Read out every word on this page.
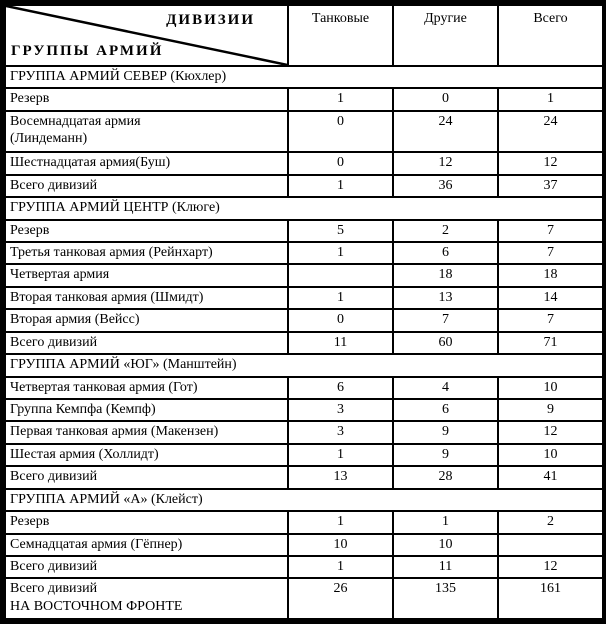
ДИВИЗИИ
ГРУППЫ АРМИЙ	Танковые	Другие	Всего
ГРУППА АРМИЙ СЕВЕР (Кюхлер)			
Резерв	1	0	1

Восемнадцатая армия
(Линдеманн)	0	24	24
Шестнадцатая армия(Буш)	0	12	12
Всего дивизий	1	36	37
ГРУППА АРМИЙ ЦЕНТР (Клюге)			
Резерв	5	2	7
Третья танковая армия (Рейнхарт)	1	6	7
Четвертая армия		18	18
Вторая танковая армия (Шмидт)	1	13	14
Вторая армия (Вейсс)	0	7	7
Всего дивизий	11	60	71
ГРУППА АРМИЙ «ЮГ» (Манштейн)			
Четвертая танковая армия (Гот)	6	4	10
Группа Кемпфа (Кемпф)	3	6	9
Первая танковая армия (Макензен)	3	9	12
Шестая армия (Холлидт)	1	9	10
Всего дивизий	13	28	41
ГРУППА АРМИЙ «А» (Клейст)			
Резерв	1	1	2
Семнадцатая армия (Гёпнер)	10	10	
Всего дивизий	1	11	12

Всего дивизий
НА ВОСТОЧНОМ ФРОНТЕ	26	135	161
